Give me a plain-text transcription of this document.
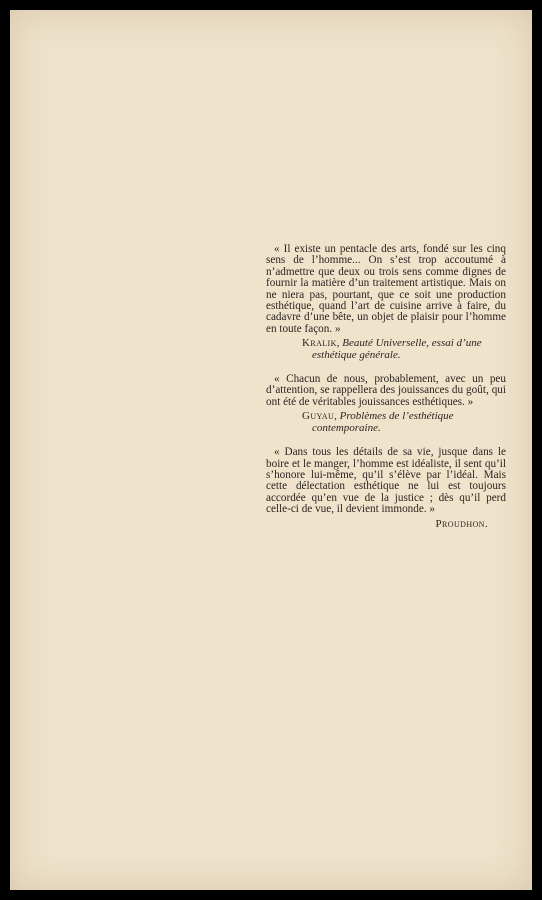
« Il existe un pentacle des arts, fondé sur les cinq sens de l’homme... On s’est trop accoutumé à n’admettre que deux ou trois sens comme dignes de fournir la matière d’un traitement artistique. Mais on ne niera pas, pourtant, que ce soit une production esthétique, quand l’art de cuisine arrive à faire, du cadavre d’une bête, un objet de plaisir pour l’homme en toute façon. »

Kralik, Beauté Universelle, essai d’une esthétique générale.

« Chacun de nous, probablement, avec un peu d’attention, se rappellera des jouissances du goût, qui ont été de véritables jouissances esthétiques. »

Guyau, Problèmes de l’esthétique contemporaine.

« Dans tous les détails de sa vie, jusque dans le boire et le manger, l’homme est idéaliste, il sent qu’il s’honore lui-même, qu’il s’élève par l’idéal. Mais cette délectation esthétique ne lui est toujours accordée qu’en vue de la justice ; dès qu’il perd celle-ci de vue, il devient immonde. »

Proudhon.
